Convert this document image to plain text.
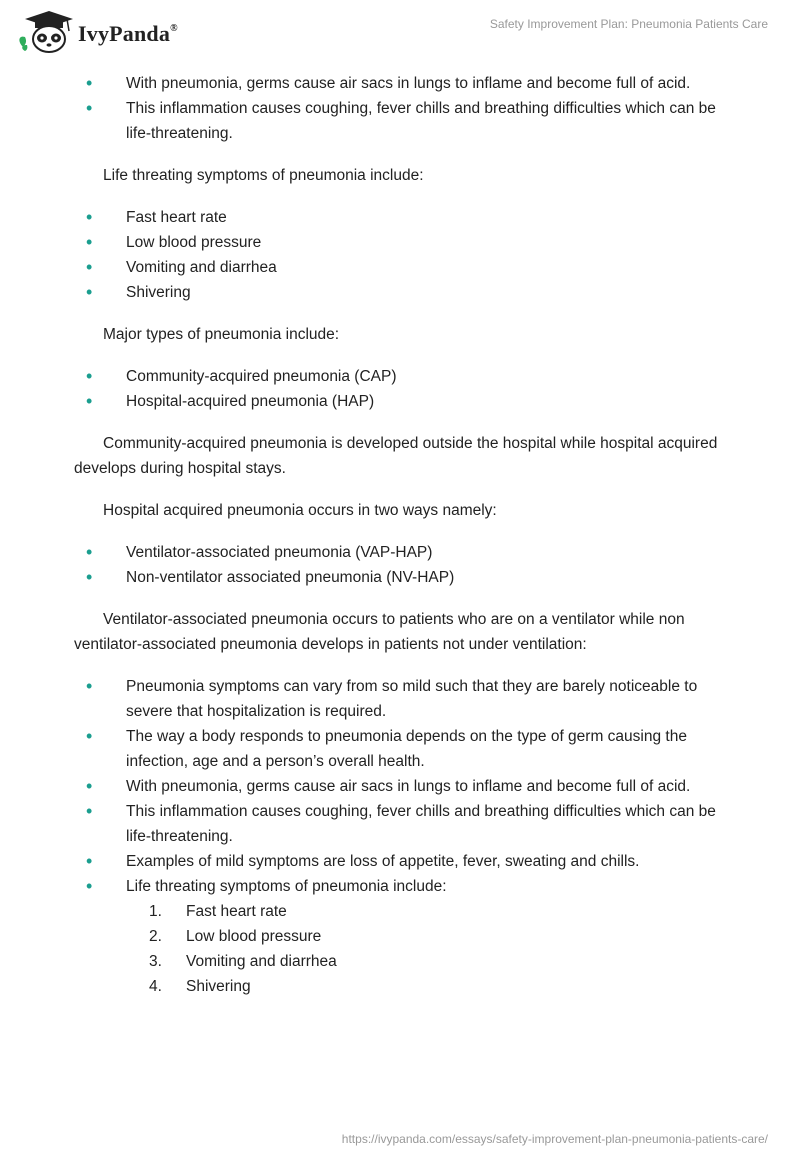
IvyPanda®	Safety Improvement Plan: Pneumonia Patients Care
• With pneumonia, germs cause air sacs in lungs to inflame and become full of acid.
• This inflammation causes coughing, fever chills and breathing difficulties which can be life-threatening.

Life threating symptoms of pneumonia include:

• Fast heart rate
• Low blood pressure
• Vomiting and diarrhea
• Shivering

Major types of pneumonia include:

• Community-acquired pneumonia (CAP)
• Hospital-acquired pneumonia (HAP)

Community-acquired pneumonia is developed outside the hospital while hospital acquired develops during hospital stays.

Hospital acquired pneumonia occurs in two ways namely:

• Ventilator-associated pneumonia (VAP-HAP)
• Non-ventilator associated pneumonia (NV-HAP)

Ventilator-associated pneumonia occurs to patients who are on a ventilator while non ventilator-associated pneumonia develops in patients not under ventilation:

• Pneumonia symptoms can vary from so mild such that they are barely noticeable to severe that hospitalization is required.
• The way a body responds to pneumonia depends on the type of germ causing the infection, age and a person’s overall health.
• With pneumonia, germs cause air sacs in lungs to inflame and become full of acid.
• This inflammation causes coughing, fever chills and breathing difficulties which can be life-threatening.
• Examples of mild symptoms are loss of appetite, fever, sweating and chills.
• Life threating symptoms of pneumonia include:
1. Fast heart rate
2. Low blood pressure
3. Vomiting and diarrhea
4. Shivering
https://ivypanda.com/essays/safety-improvement-plan-pneumonia-patients-care/
